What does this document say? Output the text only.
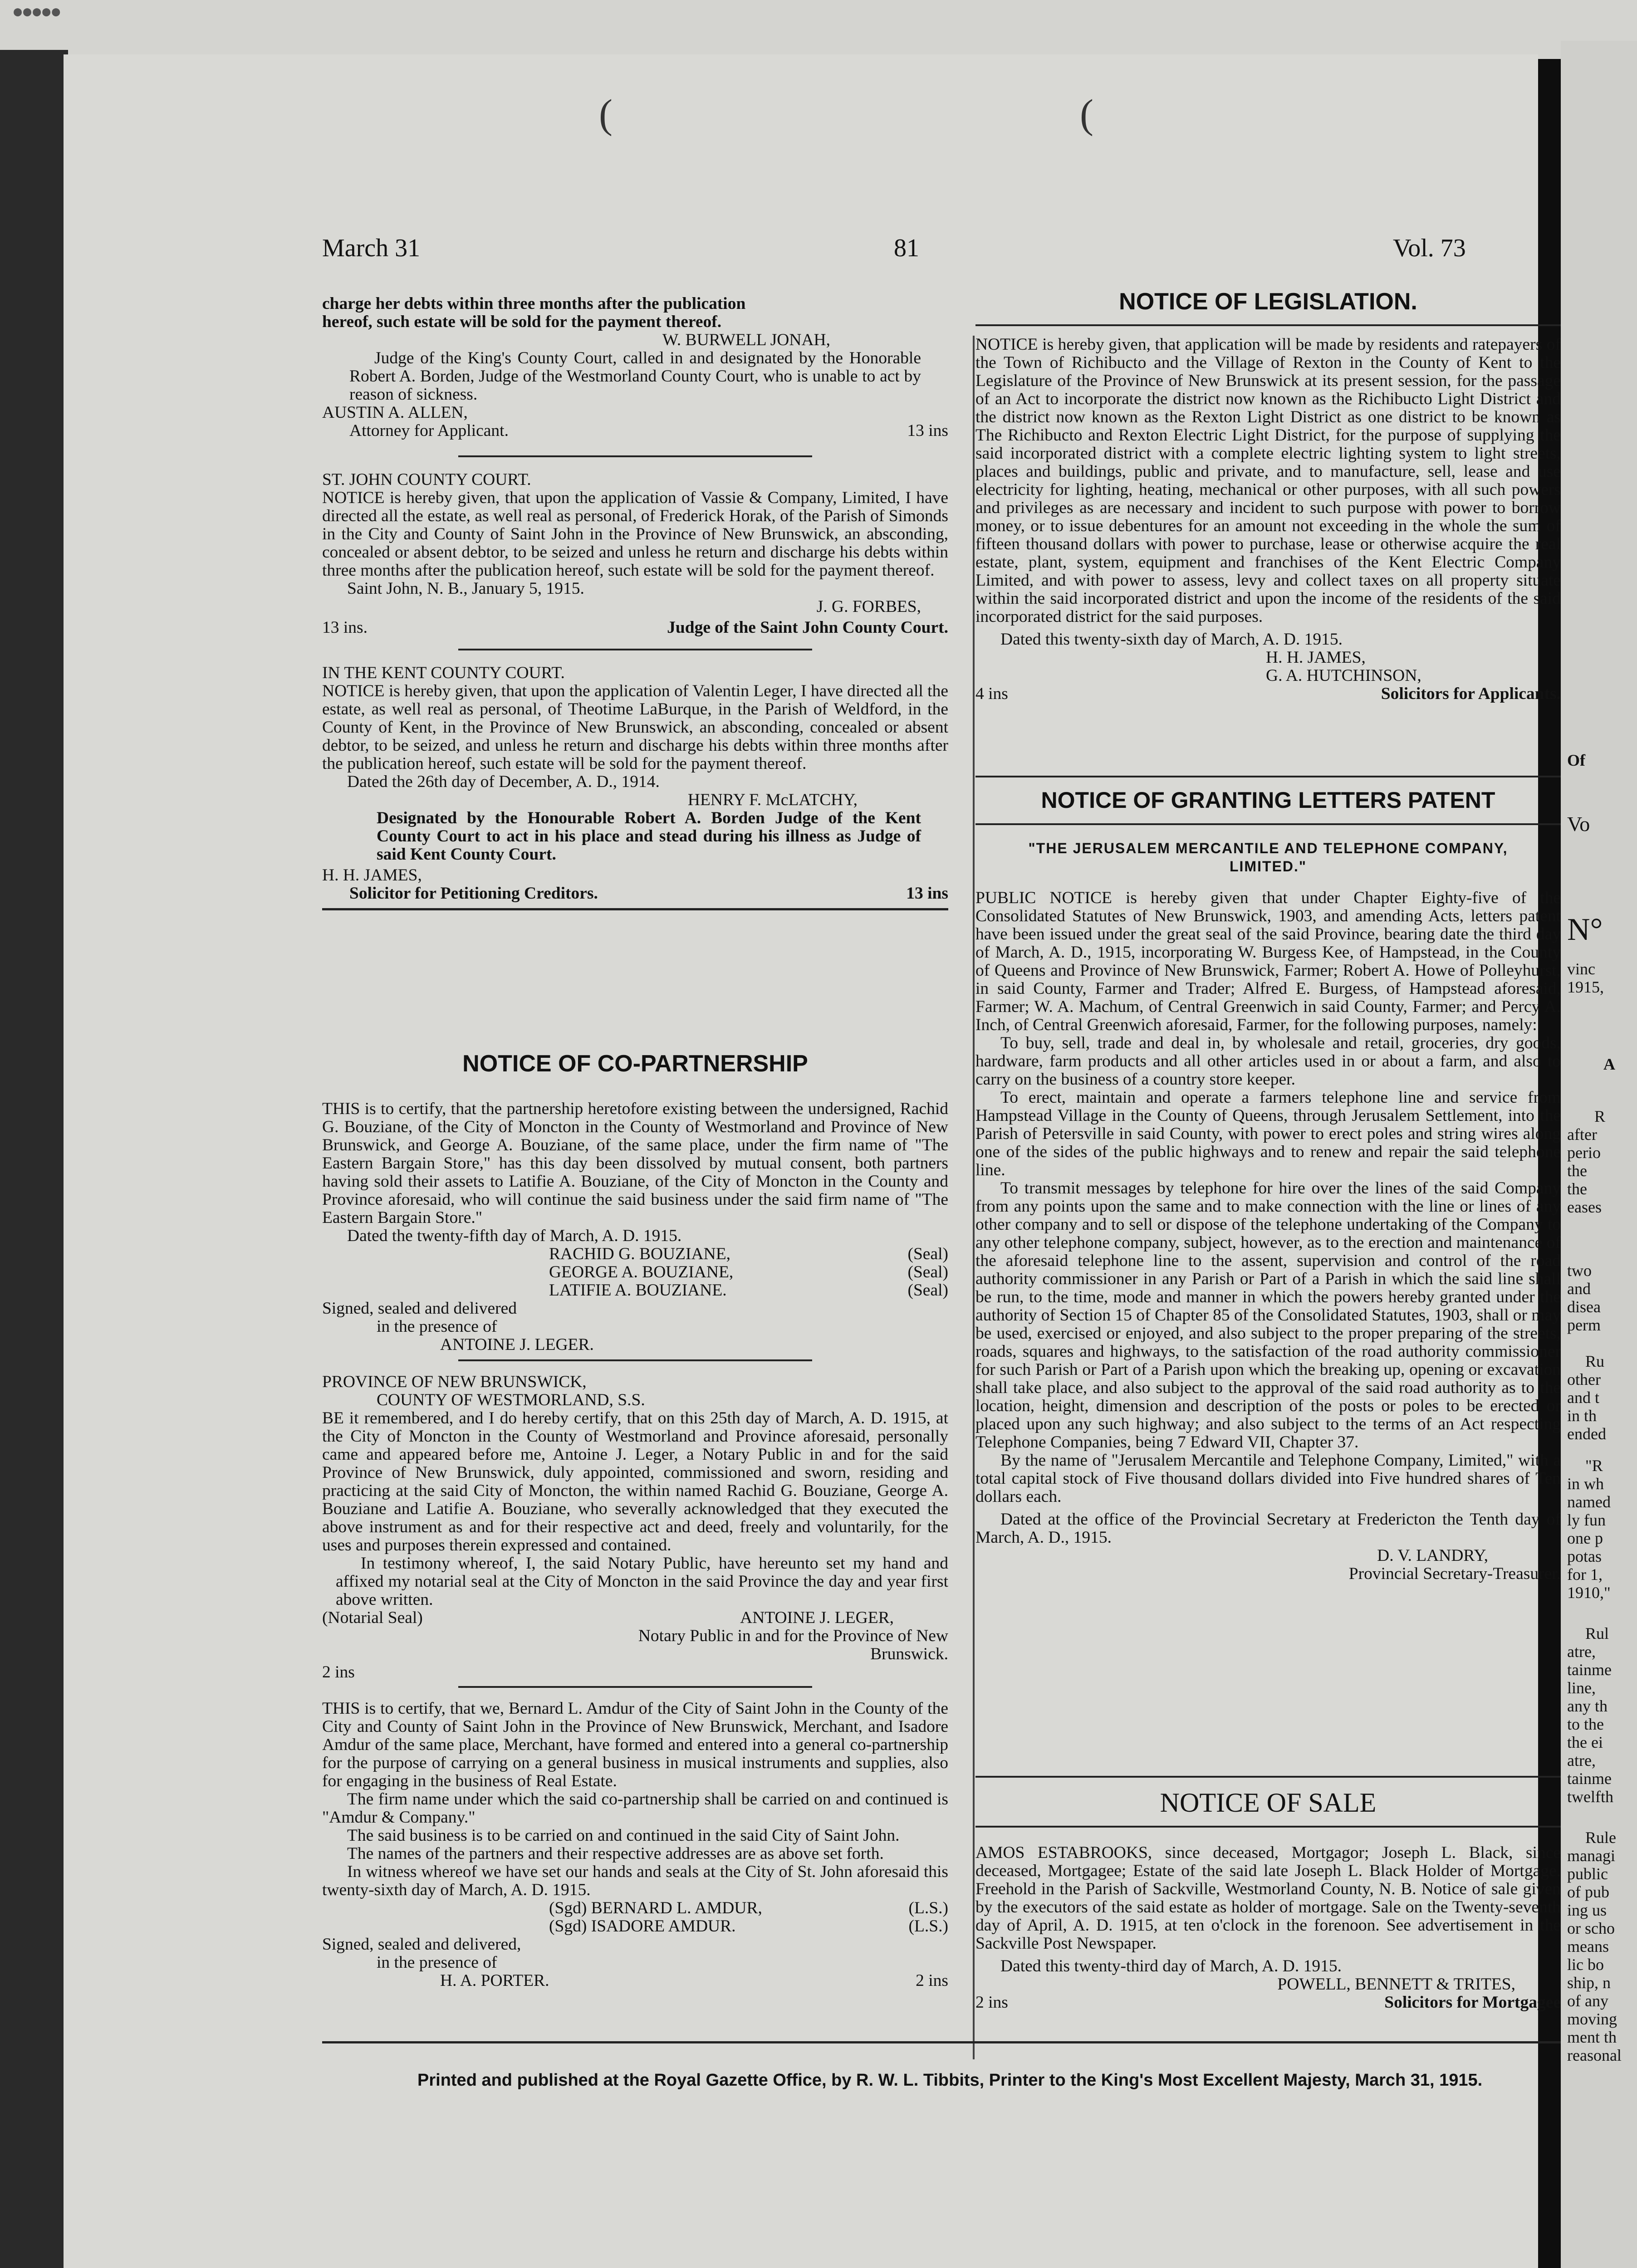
●●●●●
(	(
March 31	81	Vol. 73

charge her debts within three months after the publication

hereof, such estate will be sold for the payment thereof.

W. BURWELL JONAH,

Judge of the King's County Court, called in and designated by the Honorable Robert A. Borden, Judge of the Westmorland County Court, who is unable to act by reason of sickness.

AUSTIN A. ALLEN,

Attorney for Applicant.	13 ins

ST. JOHN COUNTY COURT.

NOTICE is hereby given, that upon the application of Vassie & Company, Limited, I have directed all the estate, as well real as personal, of Frederick Horak, of the Parish of Simonds in the City and County of Saint John in the Province of New Brunswick, an absconding, concealed or absent debtor, to be seized and unless he return and discharge his debts within three months after the publication hereof, such estate will be sold for the payment thereof.

Saint John, N. B., January 5, 1915.

J. G. FORBES,

13 ins.	Judge of the Saint John County Court.

IN THE KENT COUNTY COURT.

NOTICE is hereby given, that upon the application of Valentin Leger, I have directed all the estate, as well real as personal, of Theotime LaBurque, in the Parish of Weldford, in the County of Kent, in the Province of New Brunswick, an absconding, concealed or absent debtor, to be seized, and unless he return and discharge his debts within three months after the publication hereof, such estate will be sold for the payment thereof.

Dated the 26th day of December, A. D., 1914.

HENRY F. McLATCHY,

Designated by the Honourable Robert A. Borden Judge of the Kent County Court to act in his place and stead during his illness as Judge of said Kent County Court.

H. H. JAMES,

Solicitor for Petitioning Creditors.	13 ins
NOTICE OF CO-PARTNERSHIP

THIS is to certify, that the partnership heretofore existing between the undersigned, Rachid G. Bouziane, of the City of Moncton in the County of Westmorland and Province of New Brunswick, and George A. Bouziane, of the same place, under the firm name of "The Eastern Bargain Store," has this day been dissolved by mutual consent, both partners having sold their assets to Latifie A. Bouziane, of the City of Moncton in the County and Province aforesaid, who will continue the said business under the said firm name of "The Eastern Bargain Store."

Dated the twenty-fifth day of March, A. D. 1915.

RACHID G. BOUZIANE,	(Seal)
GEORGE A. BOUZIANE,	(Seal)
LATIFIE A. BOUZIANE.	(Seal)

Signed, sealed and delivered

in the presence of

ANTOINE J. LEGER.

PROVINCE OF NEW BRUNSWICK,

COUNTY OF WESTMORLAND, S.S.

BE it remembered, and I do hereby certify, that on this 25th day of March, A. D. 1915, at the City of Moncton in the County of Westmorland and Province aforesaid, personally came and appeared before me, Antoine J. Leger, a Notary Public in and for the said Province of New Brunswick, duly appointed, commissioned and sworn, residing and practicing at the said City of Moncton, the within named Rachid G. Bouziane, George A. Bouziane and Latifie A. Bouziane, who severally acknowledged that they executed the above instrument as and for their respective act and deed, freely and voluntarily, for the uses and purposes therein expressed and contained.

In testimony whereof, I, the said Notary Public, have hereunto set my hand and affixed my notarial seal at the City of Moncton in the said Province the day and year first above written.

(Notarial Seal)	ANTOINE J. LEGER,

Notary Public in and for the Province of New Brunswick.

2 ins

THIS is to certify, that we, Bernard L. Amdur of the City of Saint John in the County of the City and County of Saint John in the Province of New Brunswick, Merchant, and Isadore Amdur of the same place, Merchant, have formed and entered into a general co-partnership for the purpose of carrying on a general business in musical instruments and supplies, also for engaging in the business of Real Estate.

The firm name under which the said co-partnership shall be carried on and continued is "Amdur & Company."

The said business is to be carried on and continued in the said City of Saint John.

The names of the partners and their respective addresses are as above set forth.

In witness whereof we have set our hands and seals at the City of St. John aforesaid this twenty-sixth day of March, A. D. 1915.

(Sgd) BERNARD L. AMDUR,	(L.S.)
(Sgd) ISADORE AMDUR.	(L.S.)

Signed, sealed and delivered,

in the presence of

H. A. PORTER.	2 ins
NOTICE OF LEGISLATION.

NOTICE is hereby given, that application will be made by residents and ratepayers of the Town of Richibucto and the Village of Rexton in the County of Kent to the Legislature of the Province of New Brunswick at its present session, for the passage of an Act to incorporate the district now known as the Richibucto Light District and the district now known as the Rexton Light District as one district to be known as The Richibucto and Rexton Electric Light District, for the purpose of supplying the said incorporated district with a complete electric lighting system to light streets, places and buildings, public and private, and to manufacture, sell, lease and use electricity for lighting, heating, mechanical or other purposes, with all such powers and privileges as are necessary and incident to such purpose with power to borrow money, or to issue debentures for an amount not exceeding in the whole the sum of fifteen thousand dollars with power to purchase, lease or otherwise acquire the real estate, plant, system, equipment and franchises of the Kent Electric Company Limited, and with power to assess, levy and collect taxes on all property situate within the said incorporated district and upon the income of the residents of the said incorporated district for the said purposes.

Dated this twenty-sixth day of March, A. D. 1915.

H. H. JAMES,

G. A. HUTCHINSON,

4 ins	Solicitors for Applicants.
NOTICE OF GRANTING LETTERS PATENT

"THE JERUSALEM MERCANTILE AND TELEPHONE COMPANY, LIMITED."

PUBLIC NOTICE is hereby given that under Chapter Eighty-five of the Consolidated Statutes of New Brunswick, 1903, and amending Acts, letters patent have been issued under the great seal of the said Province, bearing date the third day of March, A. D., 1915, incorporating W. Burgess Kee, of Hampstead, in the County of Queens and Province of New Brunswick, Farmer; Robert A. Howe of Polleyhurst, in said County, Farmer and Trader; Alfred E. Burgess, of Hampstead aforesaid, Farmer; W. A. Machum, of Central Greenwich in said County, Farmer; and Percy A. Inch, of Central Greenwich aforesaid, Farmer, for the following purposes, namely:

To buy, sell, trade and deal in, by wholesale and retail, groceries, dry goods, hardware, farm products and all other articles used in or about a farm, and also to carry on the business of a country store keeper.

To erect, maintain and operate a farmers telephone line and service from Hampstead Village in the County of Queens, through Jerusalem Settlement, into the Parish of Petersville in said County, with power to erect poles and string wires along one of the sides of the public highways and to renew and repair the said telephone line.

To transmit messages by telephone for hire over the lines of the said Company from any points upon the same and to make connection with the line or lines of any other company and to sell or dispose of the telephone undertaking of the Company to any other telephone company, subject, however, as to the erection and maintenance of the aforesaid telephone line to the assent, supervision and control of the road authority commissioner in any Parish or Part of a Parish in which the said line shall be run, to the time, mode and manner in which the powers hereby granted under the authority of Section 15 of Chapter 85 of the Consolidated Statutes, 1903, shall or may be used, exercised or enjoyed, and also subject to the proper preparing of the streets, roads, squares and highways, to the satisfaction of the road authority commissioner for such Parish or Part of a Parish upon which the breaking up, opening or excavation shall take place, and also subject to the approval of the said road authority as to the location, height, dimension and description of the posts or poles to be erected or placed upon any such highway; and also subject to the terms of an Act respecting Telephone Companies, being 7 Edward VII, Chapter 37.

By the name of "Jerusalem Mercantile and Telephone Company, Limited," with a total capital stock of Five thousand dollars divided into Five hundred shares of Ten dollars each.

Dated at the office of the Provincial Secretary at Fredericton the Tenth day of March, A. D., 1915.

D. V. LANDRY,

Provincial Secretary-Treasurer.

NOTICE OF SALE

AMOS ESTABROOKS, since deceased, Mortgagor; Joseph L. Black, since deceased, Mortgagee; Estate of the said late Joseph L. Black Holder of Mortgage. Freehold in the Parish of Sackville, Westmorland County, N. B. Notice of sale given by the executors of the said estate as holder of mortgage. Sale on the Twenty-seventh day of April, A. D. 1915, at ten o'clock in the forenoon. See advertisement in the Sackville Post Newspaper.

Dated this twenty-third day of March, A. D. 1915.

POWELL, BENNETT & TRITES,

2 ins	Solicitors for Mortgagee
Printed and published at the Royal Gazette Office, by R. W. L. Tibbits, Printer to the King's Most Excellent Majesty, March 31, 1915.
Of
Vo
N°
vinc
1915,
A
R
after
perio
the
the
eases
two
and
disea
perm
Ru
other
and t
in th
ended
"R
in wh
named
ly fun
one p
potas
for 1,
1910,"
Rul
atre,
tainme
line,
any th
to the
the ei
atre,
tainme
twelfth
Rule
managi
public
of pub
ing us
or scho
means
lic bo
ship, n
of any
moving
ment th
reasonal
